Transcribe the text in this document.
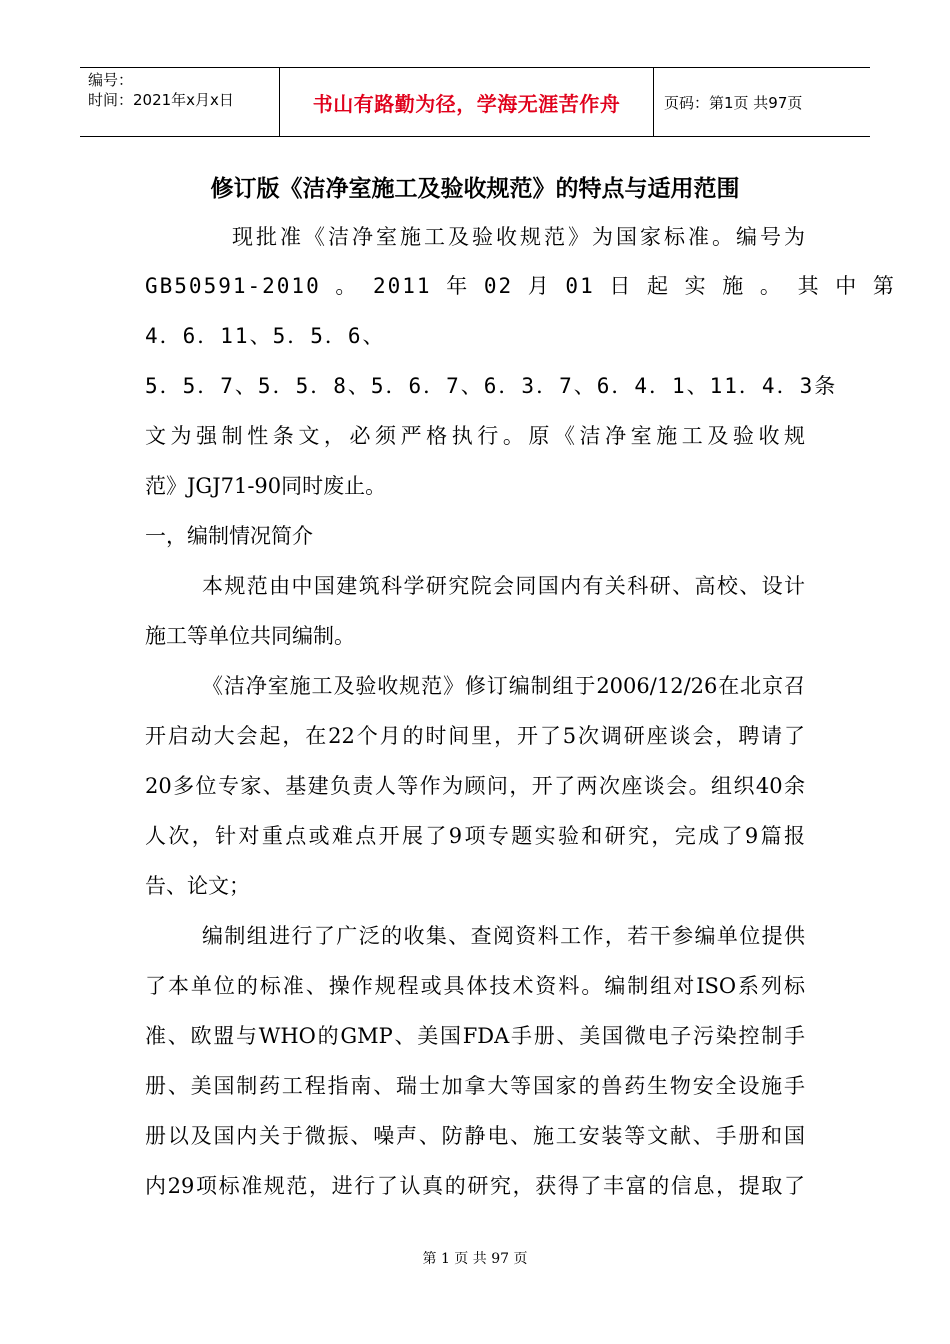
编号：
时间：2021年x月x日	书山有路勤为径，学海无涯苦作舟	页码：第1页 共97页
修订版《洁净室施工及验收规范》的特点与适用范围
现批准《洁净室施工及验收规范》为国家标准。编号为
GB50591-2010 。 2011 年 02 月 01 日 起 实 施 。 其 中 第
4．6．11、5．5．6、
5．5．7、5．5．8、5．6．7、6．3．7、6．4．1、11．4．3条
文为强制性条文，必须严格执行。原《洁净室施工及验收规
范》JGJ71-90同时废止。
一，编制情况简介
本规范由中国建筑科学研究院会同国内有关科研、高校、设计
施工等单位共同编制。
《洁净室施工及验收规范》修订编制组于2006/12/26在北京召
开启动大会起，在22个月的时间里，开了5次调研座谈会，聘请了
20多位专家、基建负责人等作为顾问，开了两次座谈会。组织40余
人次，针对重点或难点开展了9项专题实验和研究，完成了9篇报
告、论文；
编制组进行了广泛的收集、查阅资料工作，若干参编单位提供
了本单位的标准、操作规程或具体技术资料。编制组对ISO系列标
准、欧盟与WHO的GMP、美国FDA手册、美国微电子污染控制手
册、美国制药工程指南、瑞士加拿大等国家的兽药生物安全设施手
册以及国内关于微振、噪声、防静电、施工安装等文献、手册和国
内29项标准规范，进行了认真的研究，获得了丰富的信息，提取了
第 1 页 共 97 页
